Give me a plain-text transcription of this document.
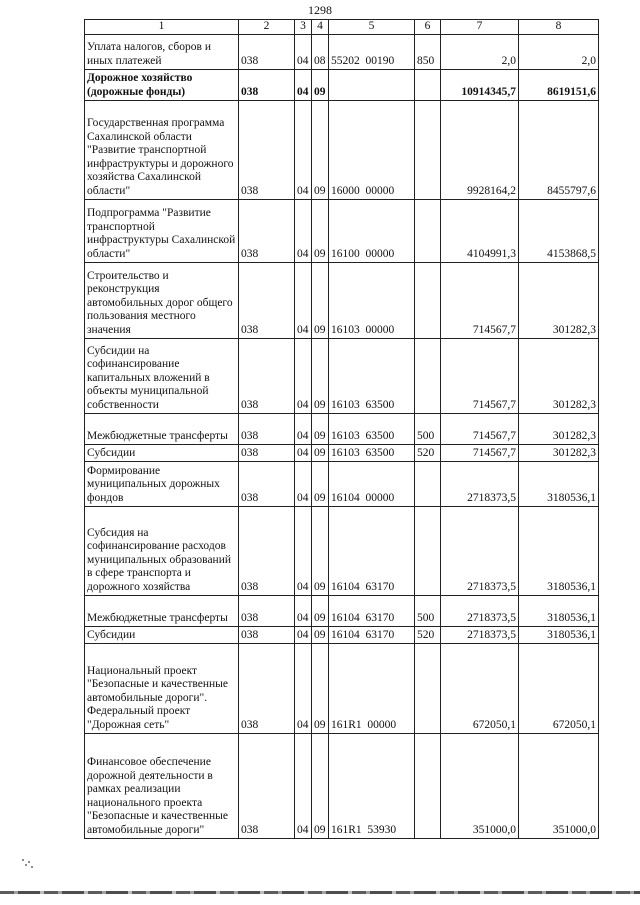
1298
1	2	3	4	5	6	7	8
Уплата налогов, сборов и иных платежей	038	04	08	55202  00190	850	2,0	2,0
Дорожное хозяйство (дорожные фонды)	038	04	09			10914345,7	8619151,6
Государственная программа Сахалинской области "Развитие транспортной инфраструктуры и дорожного хозяйства Сахалинской области"	038	04	09	16000  00000		9928164,2	8455797,6
Подпрограмма "Развитие транспортной инфраструктуры Сахалинской области"	038	04	09	16100  00000		4104991,3	4153868,5
Строительство и реконструкция автомобильных дорог общего пользования местного значения	038	04	09	16103  00000		714567,7	301282,3
Субсидии на софинансирование капитальных вложений в объекты муниципальной собственности	038	04	09	16103  63500		714567,7	301282,3
Межбюджетные трансферты	038	04	09	16103  63500	500	714567,7	301282,3
Субсидии	038	04	09	16103  63500	520	714567,7	301282,3
Формирование муниципальных дорожных фондов	038	04	09	16104  00000		2718373,5	3180536,1
Субсидия на софинансирование расходов муниципальных образований в сфере транспорта и дорожного хозяйства	038	04	09	16104  63170		2718373,5	3180536,1
Межбюджетные трансферты	038	04	09	16104  63170	500	2718373,5	3180536,1
Субсидии	038	04	09	16104  63170	520	2718373,5	3180536,1
Национальный проект "Безопасные и качественные автомобильные дороги". Федеральный проект "Дорожная сеть"	038	04	09	161R1  00000		672050,1	672050,1
Финансовое обеспечение дорожной деятельности в рамках реализации национального проекта "Безопасные и качественные автомобильные дороги"	038	04	09	161R1  53930		351000,0	351000,0
